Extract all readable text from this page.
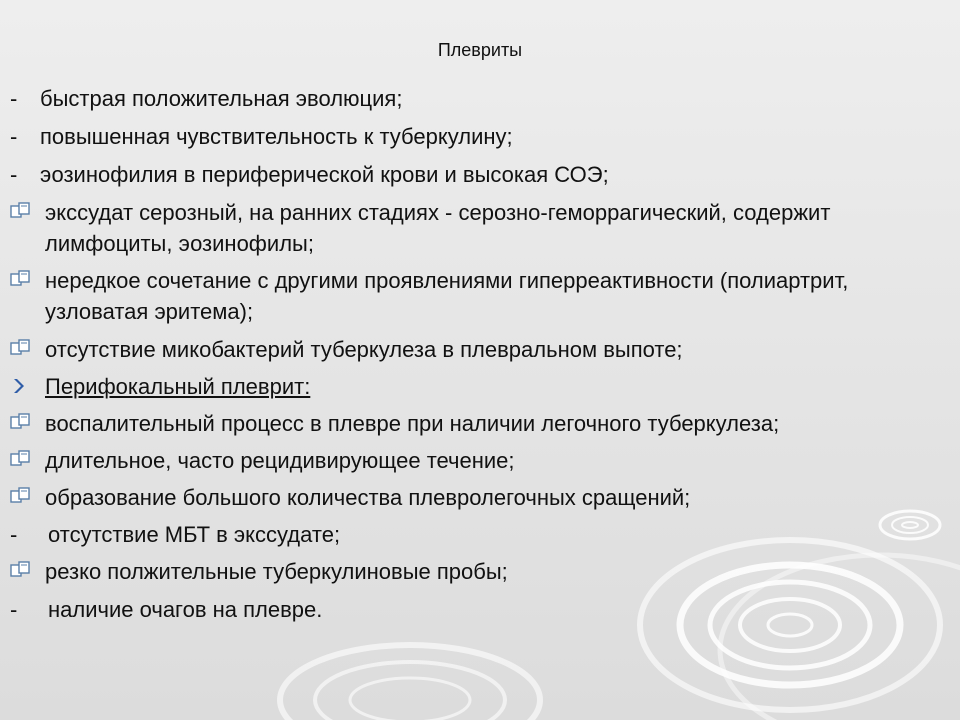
Плевриты
-	быстрая положительная эволюция;
-	повышенная чувствительность к туберкулину;
-	эозинофилия в периферической крови и высокая СОЭ;
экссудат серозный, на ранних стадиях - серозно-геморрагический, содержит лимфоциты, эозинофилы;
нередкое сочетание с другими проявлениями гиперреактивности (полиартрит, узловатая эритема);
отсутствие микобактерий туберкулеза в плевральном выпоте;
Перифокальный плеврит:
воспалительный процесс в плевре при наличии легочного туберкулеза;
длительное, часто рецидивирующее течение;
образование большого количества плевролегочных сращений;
-	отсутствие МБТ в экссудате;
резко полжительные туберкулиновые пробы;
-	наличие очагов на плевре.
